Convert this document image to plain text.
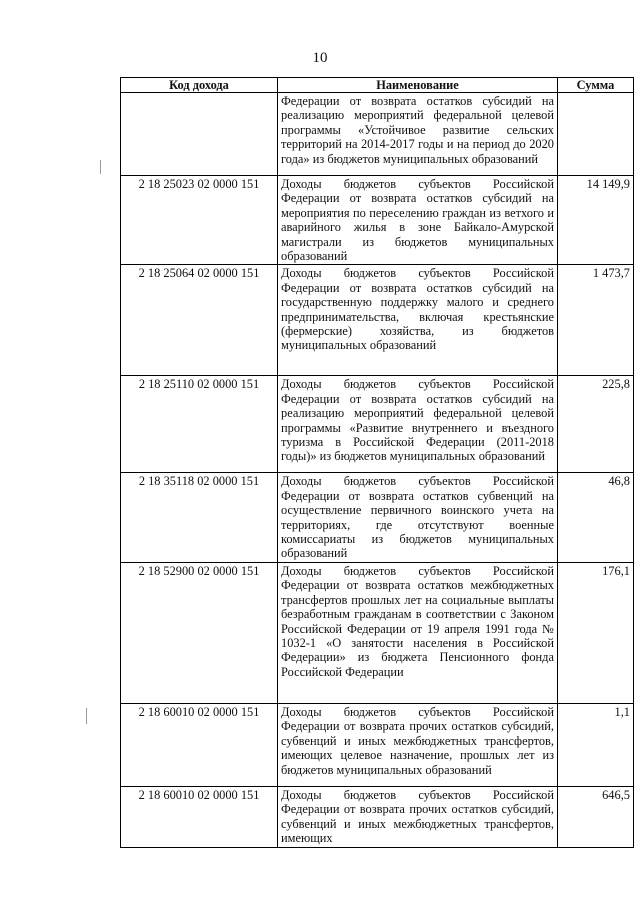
10
Код дохода	Наименование	Сумма
	Федерации от возврата остатков субсидий на реализацию мероприятий федеральной целевой программы «Устойчивое развитие сельских территорий на 2014-2017 годы и на период до 2020 года» из бюджетов муниципальных образований	
2 18 25023 02 0000 151	Доходы бюджетов субъектов Российской Федерации от возврата остатков субсидий на мероприятия по переселению граждан из ветхого и аварийного жилья в зоне Байкало-Амурской магистрали из бюджетов муниципальных образований	14 149,9
2 18 25064 02 0000 151	Доходы бюджетов субъектов Российской Федерации от возврата остатков субсидий на государственную поддержку малого и среднего предпринимательства, включая крестьянские (фермерские) хозяйства, из бюджетов муниципальных образований	1 473,7
2 18 25110 02 0000 151	Доходы бюджетов субъектов Российской Федерации от возврата остатков субсидий на реализацию мероприятий федеральной целевой программы «Развитие внутреннего и въездного туризма в Российской Федерации (2011-2018 годы)» из бюджетов муниципальных образований	225,8
2 18 35118 02 0000 151	Доходы бюджетов субъектов Российской Федерации от возврата остатков субвенций на осуществление первичного воинского учета на территориях, где отсутствуют военные комиссариаты из бюджетов муниципальных образований	46,8
2 18 52900 02 0000 151	Доходы бюджетов субъектов Российской Федерации от возврата остатков межбюджетных трансфертов прошлых лет на социальные выплаты безработным гражданам в соответствии с Законом Российской Федерации от 19 апреля 1991 года № 1032-1 «О занятости населения в Российской Федерации» из бюджета Пенсионного фонда Российской Федерации	176,1
2 18 60010 02 0000 151	Доходы бюджетов субъектов Российской Федерации от возврата прочих остатков субсидий, субвенций и иных межбюджетных трансфертов, имеющих целевое назначение, прошлых лет из бюджетов муниципальных образований	1,1
2 18 60010 02 0000 151	Доходы бюджетов субъектов Российской Федерации от возврата прочих остатков субсидий, субвенций и иных межбюджетных трансфертов, имеющих	646,5
